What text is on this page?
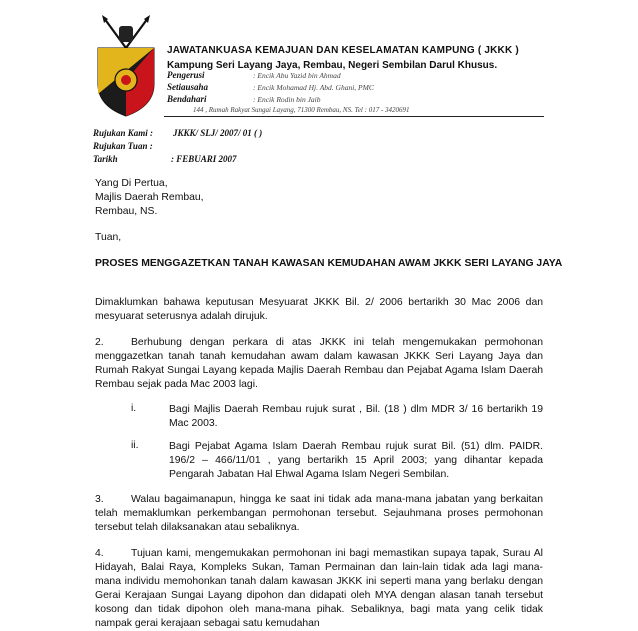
JAWATANKUASA KEMAJUAN DAN KESELAMATAN KAMPUNG ( JKKK )
Kampung Seri Layang Jaya, Rembau, Negeri Sembilan Darul Khusus.
Pengerusi	: Encik Abu Yazid bin Ahmad
Setiausaha	: Encik Mohamad Hj. Abd. Ghani, PMC
Bendahari	: Encik Rodin bin Jaib
144 , Rumah Rakyat Sungai Layang, 71300 Rembau, NS. Tel : 017 - 3420691
Rujukan Kami : JKKK/ SLJ/ 2007/ 01 ( )
Rujukan Tuan :
Tarikh	: FEBUARI 2007
Yang Di Pertua,
Majlis Daerah Rembau,
Rembau, NS.
Tuan,
PROSES MENGGAZETKAN TANAH KAWASAN KEMUDAHAN AWAM JKKK SERI LAYANG JAYA
Dimaklumkan bahawa keputusan Mesyuarat JKKK Bil. 2/ 2006 bertarikh 30 Mac 2006 dan mesyuarat seterusnya adalah dirujuk.
2.	Berhubung dengan perkara di atas JKKK ini telah mengemukakan permohonan menggazetkan tanah tanah kemudahan awam dalam kawasan JKKK Seri Layang Jaya dan Rumah Rakyat Sungai Layang kepada Majlis Daerah Rembau dan Pejabat Agama Islam Daerah Rembau sejak pada Mac 2003 lagi.
i.	Bagi Majlis Daerah Rembau rujuk surat , Bil. (18 ) dlm MDR 3/ 16 bertarikh 19 Mac 2003.
ii.	Bagi Pejabat Agama Islam Daerah Rembau rujuk surat Bil. (51) dlm. PAIDR. 196/2 – 466/11/01 , yang bertarikh 15 April 2003; yang dihantar kepada Pengarah Jabatan Hal Ehwal Agama Islam Negeri Sembilan.
3.	Walau bagaimanapun, hingga ke saat ini tidak ada mana-mana jabatan yang berkaitan telah memaklumkan perkembangan permohonan tersebut. Sejauhmana proses permohonan tersebut telah dilaksanakan atau sebaliknya.
4.	Tujuan kami, mengemukakan permohonan ini bagi memastikan supaya tapak, Surau Al Hidayah, Balai Raya, Kompleks Sukan, Taman Permainan dan lain-lain tidak ada lagi mana-mana individu memohonkan tanah dalam kawasan JKKK ini seperti mana yang berlaku dengan Gerai Kerajaan Sungai Layang dipohon dan didapati oleh MYA dengan alasan tanah tersebut kosong dan tidak dipohon oleh mana-mana pihak. Sebaliknya, bagi mata yang celik tidak nampak gerai kerajaan sebagai satu kemudahan
